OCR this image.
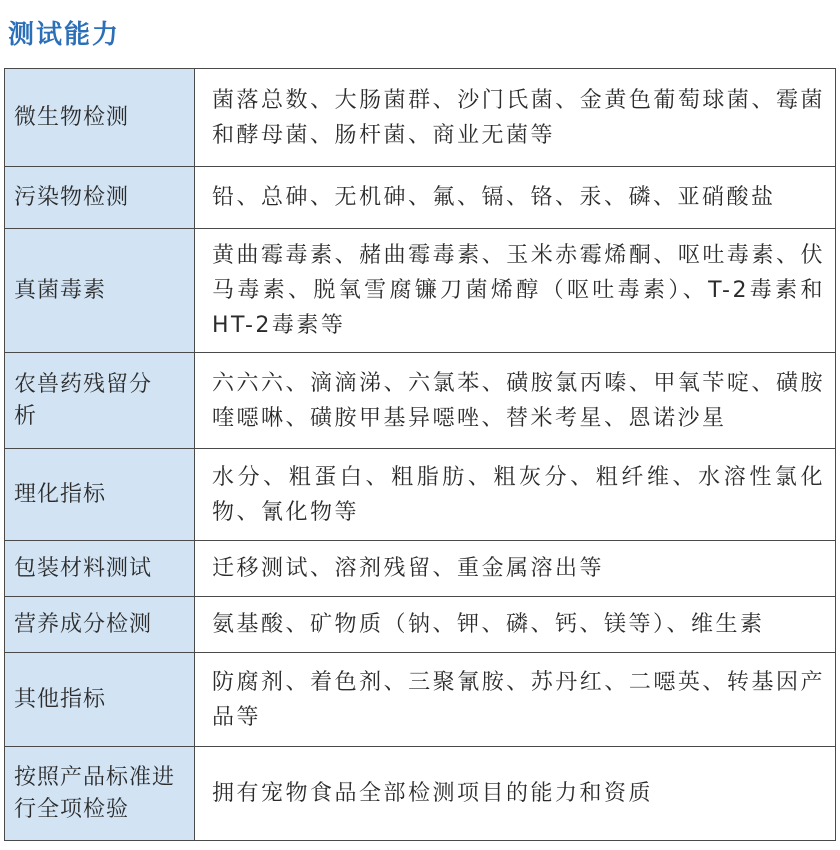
测试能力
微生物检测	菌落总数、大肠菌群、沙门氏菌、金黄色葡萄球菌、霉菌和酵母菌、肠杆菌、商业无菌等
污染物检测	铅、总砷、无机砷、氟、镉、铬、汞、磷、亚硝酸盐
真菌毒素	黄曲霉毒素、赭曲霉毒素、玉米赤霉烯酮、呕吐毒素、伏马毒素、脱氧雪腐镰刀菌烯醇（呕吐毒素）、T-2毒素和HT-2毒素等
农兽药残留分析	六六六、滴滴涕、六氯苯、磺胺氯丙嗪、甲氧苄啶、磺胺喹噁啉、磺胺甲基异噁唑、替米考星、恩诺沙星
理化指标	水分、粗蛋白、粗脂肪、粗灰分、粗纤维、水溶性氯化物、氰化物等
包装材料测试	迁移测试、溶剂残留、重金属溶出等
营养成分检测	氨基酸、矿物质（钠、钾、磷、钙、镁等）、维生素
其他指标	防腐剂、着色剂、三聚氰胺、苏丹红、二噁英、转基因产品等
按照产品标准进行全项检验	拥有宠物食品全部检测项目的能力和资质
